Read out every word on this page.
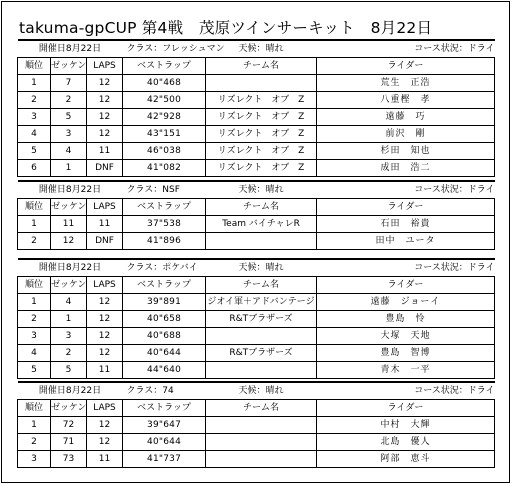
takuma-gpCUP 第4戦　茂原ツインサーキット　8月22日
開催日8月22日			クラス：フレッシュマン	天候：晴れ	コース状況：ドライ
順位	ゼッケン	LAPS	ベストラップ	チーム名	ライダー
1	7	12	40"468		荒生　正浩
2	2	12	42"500	リズレクト　オブ　Z	八重樫　孝
3	5	12	42"928	リズレクト　オブ　Z	遠藤　巧
4	3	12	43"151	リズレクト　オブ　Z	前沢　剛
5	4	11	46"038	リズレクト　オブ　Z	杉田　知也
6	1	DNF	41"082	リズレクト　オブ　Z	成田　浩二
開催日8月22日			クラス：NSF	天候：晴れ	コース状況：ドライ
順位	ゼッケン	LAPS	ベストラップ	チーム名	ライダー
1	11	11	37"538	Team バイチャレR	石田　裕貴
2	12	DNF	41"896		田中　ユータ
開催日8月22日			クラス：ポケバイ	天候：晴れ	コース状況：ドライ
順位	ゼッケン	LAPS	ベストラップ	チーム名	ライダー
1	4	12	39"891	ジオイ軍＋アドバンテージ	遠藤　ジョーイ
2	1	12	40"658	R&Tブラザーズ	豊島　怜
3	3	12	40"688		大塚　天地
4	2	12	40"644	R&Tブラザーズ	豊島　智博
5	5	11	44"640		青木　一平
開催日8月22日			クラス：74	天候：晴れ	コース状況：ドライ
順位	ゼッケン	LAPS	ベストラップ	チーム名	ライダー
1	72	12	39"647		中村　大輝
2	71	12	40"644		北島　優人
3	73	11	41"737		阿部　恵斗
